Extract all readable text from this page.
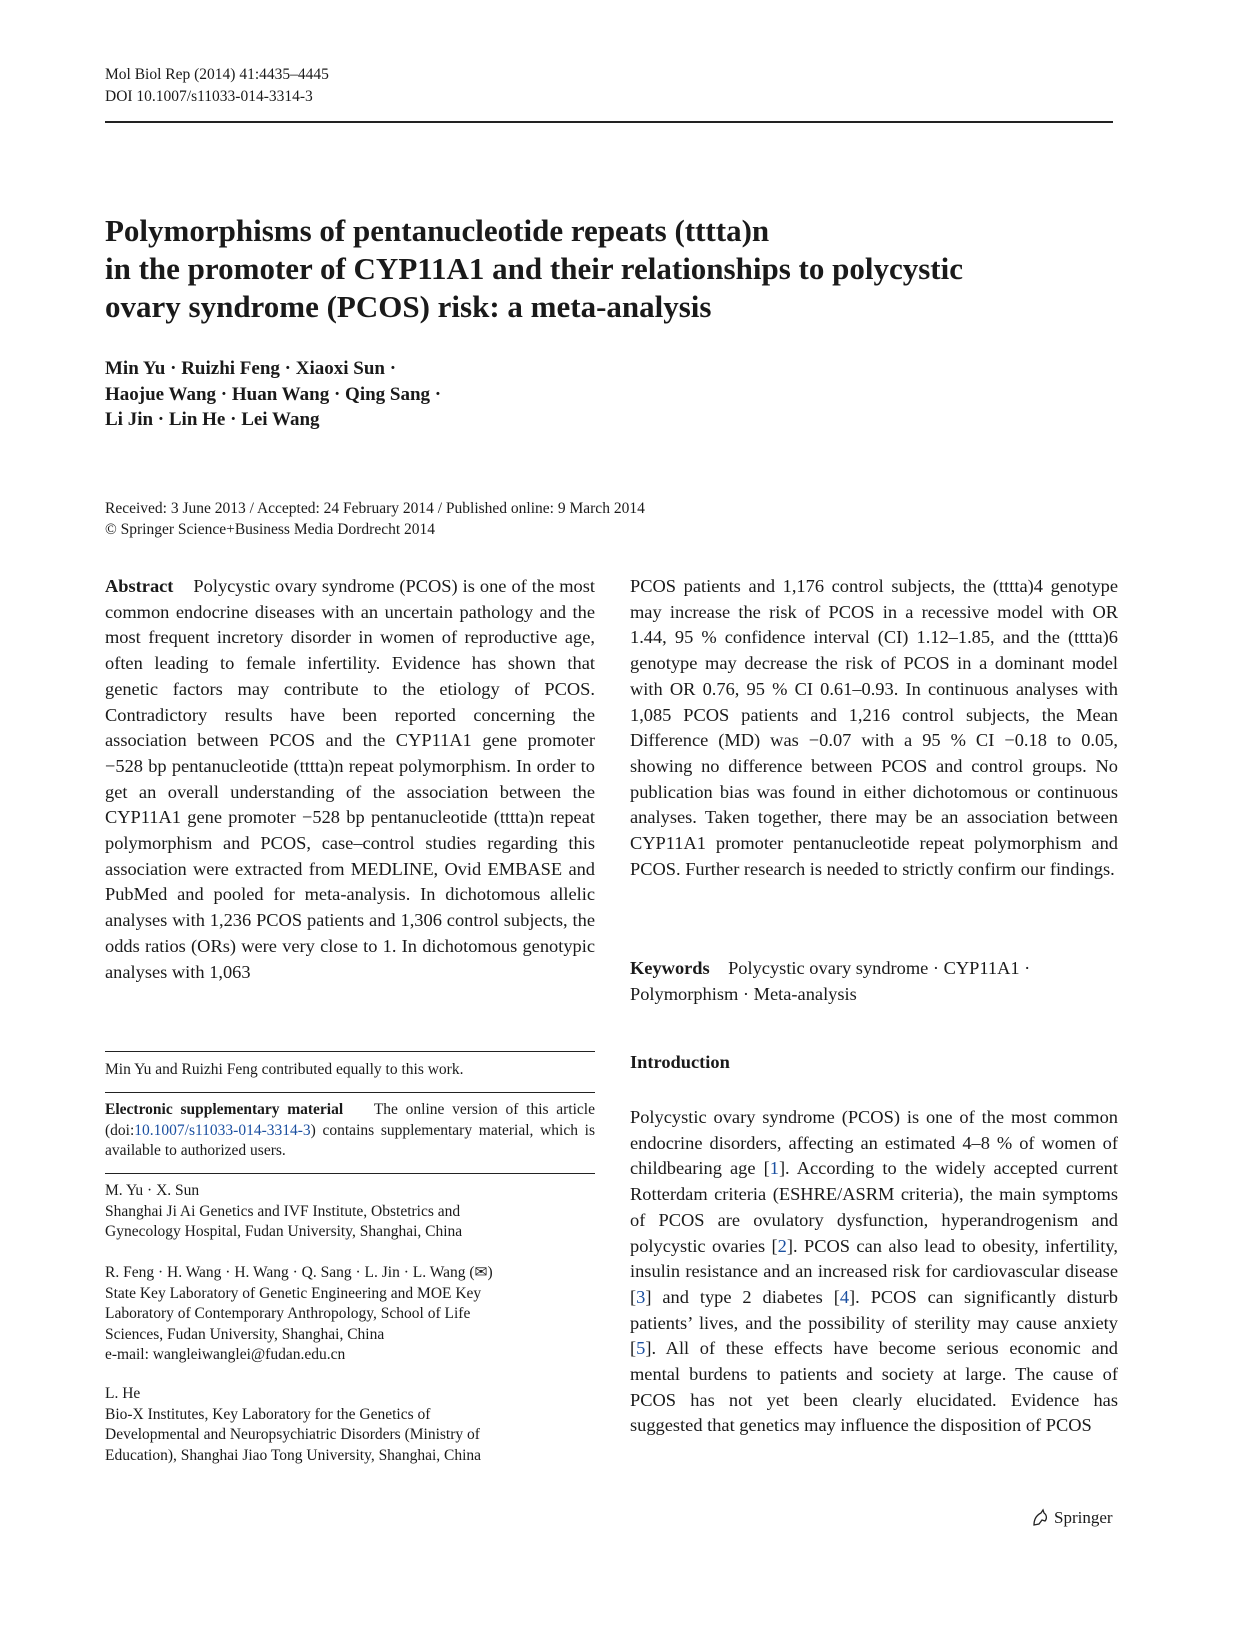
Mol Biol Rep (2014) 41:4435–4445
DOI 10.1007/s11033-014-3314-3
Polymorphisms of pentanucleotide repeats (tttta)n
in the promoter of CYP11A1 and their relationships to polycystic
ovary syndrome (PCOS) risk: a meta-analysis
Min Yu · Ruizhi Feng · Xiaoxi Sun ·
Haojue Wang · Huan Wang · Qing Sang ·
Li Jin · Lin He · Lei Wang
Received: 3 June 2013 / Accepted: 24 February 2014 / Published online: 9 March 2014
© Springer Science+Business Media Dordrecht 2014
Abstract Polycystic ovary syndrome (PCOS) is one of the most common endocrine diseases with an uncertain pathology and the most frequent incretory disorder in women of reproductive age, often leading to female infertility. Evidence has shown that genetic factors may contribute to the etiology of PCOS. Contradictory results have been reported concerning the association between PCOS and the CYP11A1 gene promoter −528 bp pentanucleotide (tttta)n repeat polymorphism. In order to get an overall understanding of the association between the CYP11A1 gene promoter −528 bp pentanucleotide (tttta)n repeat polymorphism and PCOS, case–control studies regarding this association were extracted from MEDLINE, Ovid EMBASE and PubMed and pooled for meta-analysis. In dichotomous allelic analyses with 1,236 PCOS patients and 1,306 control subjects, the odds ratios (ORs) were very close to 1. In dichotomous genotypic analyses with 1,063
PCOS patients and 1,176 control subjects, the (tttta)4 genotype may increase the risk of PCOS in a recessive model with OR 1.44, 95 % confidence interval (CI) 1.12–1.85, and the (tttta)6 genotype may decrease the risk of PCOS in a dominant model with OR 0.76, 95 % CI 0.61–0.93. In continuous analyses with 1,085 PCOS patients and 1,216 control subjects, the Mean Difference (MD) was −0.07 with a 95 % CI −0.18 to 0.05, showing no difference between PCOS and control groups. No publication bias was found in either dichotomous or continuous analyses. Taken together, there may be an association between CYP11A1 promoter pentanucleotide repeat polymorphism and PCOS. Further research is needed to strictly confirm our findings.
Keywords Polycystic ovary syndrome · CYP11A1 · Polymorphism · Meta-analysis
Min Yu and Ruizhi Feng contributed equally to this work.
Electronic supplementary material The online version of this article (doi:10.1007/s11033-014-3314-3) contains supplementary material, which is available to authorized users.
M. Yu · X. Sun
Shanghai Ji Ai Genetics and IVF Institute, Obstetrics and
Gynecology Hospital, Fudan University, Shanghai, China
R. Feng · H. Wang · H. Wang · Q. Sang · L. Jin · L. Wang (✉)
State Key Laboratory of Genetic Engineering and MOE Key
Laboratory of Contemporary Anthropology, School of Life
Sciences, Fudan University, Shanghai, China
e-mail: wangleiwanglei@fudan.edu.cn
L. He
Bio-X Institutes, Key Laboratory for the Genetics of
Developmental and Neuropsychiatric Disorders (Ministry of
Education), Shanghai Jiao Tong University, Shanghai, China
Introduction
Polycystic ovary syndrome (PCOS) is one of the most common endocrine disorders, affecting an estimated 4–8 % of women of childbearing age [1]. According to the widely accepted current Rotterdam criteria (ESHRE/ASRM criteria), the main symptoms of PCOS are ovulatory dysfunction, hyperandrogenism and polycystic ovaries [2]. PCOS can also lead to obesity, infertility, insulin resistance and an increased risk for cardiovascular disease [3] and type 2 diabetes [4]. PCOS can significantly disturb patients’ lives, and the possibility of sterility may cause anxiety [5]. All of these effects have become serious economic and mental burdens to patients and society at large. The cause of PCOS has not yet been clearly elucidated. Evidence has suggested that genetics may influence the disposition of PCOS
Springer
